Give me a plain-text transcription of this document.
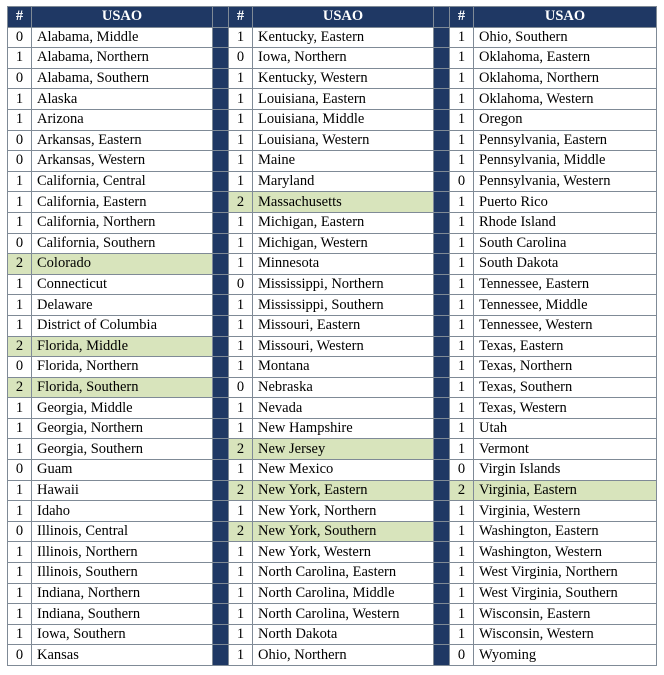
#	USAO		#	USAO		#	USAO
0	Alabama, Middle		1	Kentucky, Eastern		1	Ohio, Southern
1	Alabama, Northern		0	Iowa, Northern		1	Oklahoma, Eastern
0	Alabama, Southern		1	Kentucky, Western		1	Oklahoma, Northern
1	Alaska		1	Louisiana, Eastern		1	Oklahoma, Western
1	Arizona		1	Louisiana, Middle		1	Oregon
0	Arkansas, Eastern		1	Louisiana, Western		1	Pennsylvania, Eastern
0	Arkansas, Western		1	Maine		1	Pennsylvania, Middle
1	California, Central		1	Maryland		0	Pennsylvania, Western
1	California, Eastern		2	Massachusetts		1	Puerto Rico
1	California, Northern		1	Michigan, Eastern		1	Rhode Island
0	California, Southern		1	Michigan, Western		1	South Carolina
2	Colorado		1	Minnesota		1	South Dakota
1	Connecticut		0	Mississippi, Northern		1	Tennessee, Eastern
1	Delaware		1	Mississippi, Southern		1	Tennessee, Middle
1	District of Columbia		1	Missouri, Eastern		1	Tennessee, Western
2	Florida, Middle		1	Missouri, Western		1	Texas, Eastern
0	Florida, Northern		1	Montana		1	Texas, Northern
2	Florida, Southern		0	Nebraska		1	Texas, Southern
1	Georgia, Middle		1	Nevada		1	Texas, Western
1	Georgia, Northern		1	New Hampshire		1	Utah
1	Georgia, Southern		2	New Jersey		1	Vermont
0	Guam		1	New Mexico		0	Virgin Islands
1	Hawaii		2	New York, Eastern		2	Virginia, Eastern
1	Idaho		1	New York, Northern		1	Virginia, Western
0	Illinois, Central		2	New York, Southern		1	Washington, Eastern
1	Illinois, Northern		1	New York, Western		1	Washington, Western
1	Illinois, Southern		1	North Carolina, Eastern		1	West Virginia, Northern
1	Indiana, Northern		1	North Carolina, Middle		1	West Virginia, Southern
1	Indiana, Southern		1	North Carolina, Western		1	Wisconsin, Eastern
1	Iowa, Southern		1	North Dakota		1	Wisconsin, Western
0	Kansas		1	Ohio, Northern		0	Wyoming
